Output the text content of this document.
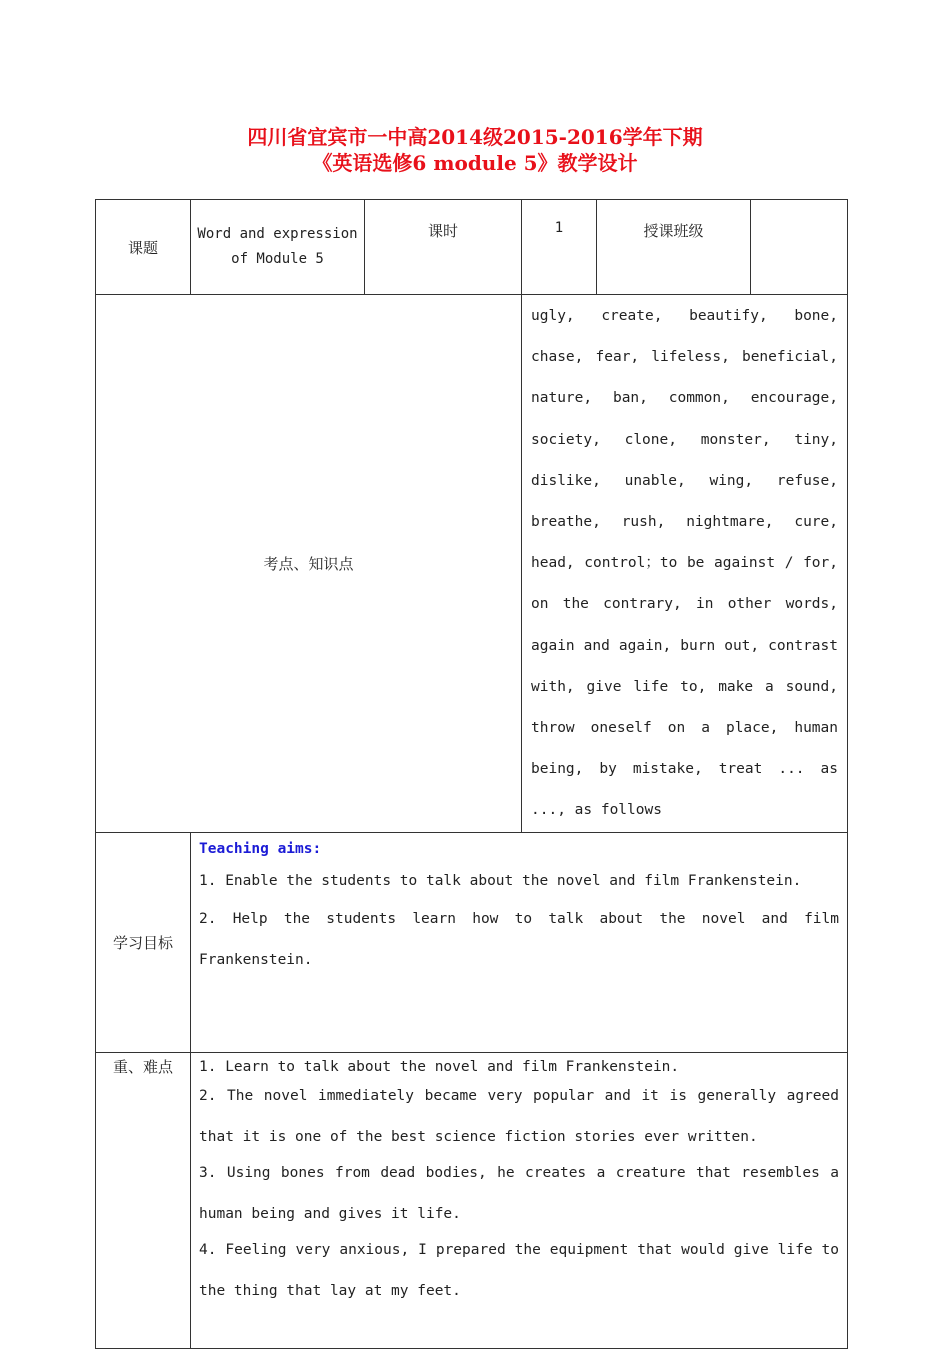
四川省宜宾市一中高2014级2015-2016学年下期
《英语选修6 module 5》教学设计
课题	Word and expression of Module 5	课时	1	授课班级	
考点、知识点			ugly, create, beautify, bone, chase, fear, lifeless, beneficial, nature, ban, common, encourage, society, clone, monster, tiny, dislike, unable, wing, refuse, breathe, rush, nightmare, cure, head, control；to be against / for, on the contrary, in other words, again and again, burn out, contrast with, give life to, make a sound, throw oneself on a place, human being, by mistake, treat ... as ..., as follows		

学习目标	Teaching aims:

1. Enable the students to talk about the novel and film Frankenstein.

2. Help the students learn how to talk about the novel and film Frankenstein.				

重、难点	1. Learn to talk about the novel and film Frankenstein.

2. The novel immediately became very popular and it is generally agreed that it is one of the best science fiction stories ever written.

3. Using bones from dead bodies, he creates a creature that resembles a human being and gives it life.

4. Feeling very anxious, I prepared the equipment that would give life to the thing that lay at my feet.				
